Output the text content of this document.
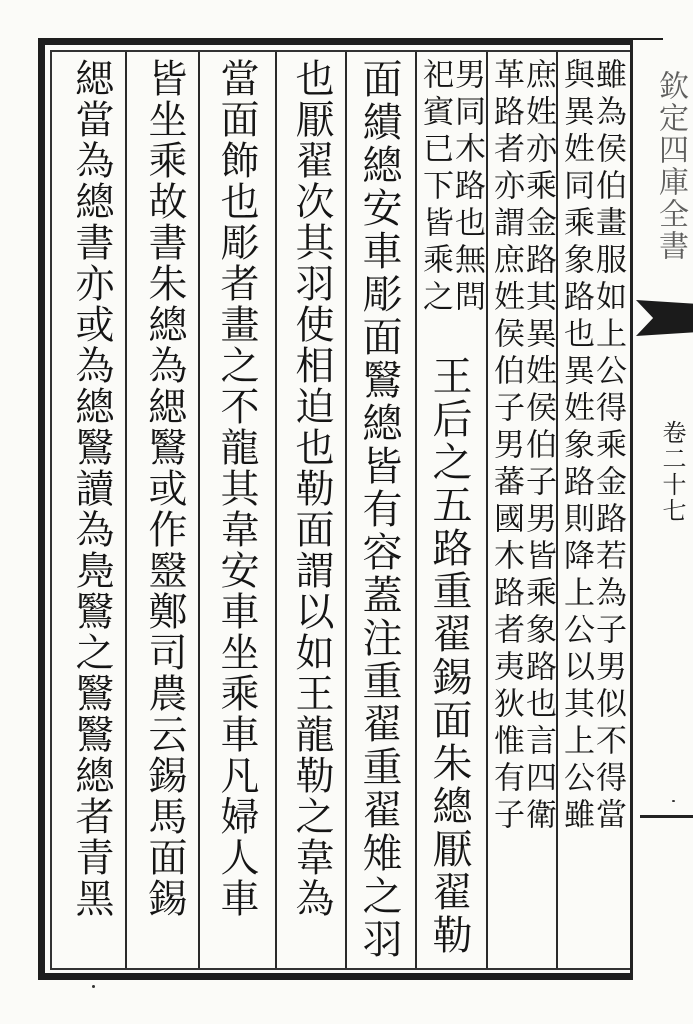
欽定四庫全書
卷二十七
雖為侯伯畫服如上公得乘金路若為子男似不得當
與異姓同乘象路也異姓象路則降上公以其上公雖
庶姓亦乘金路其異姓侯伯子男皆乘象路也言四衛
革路者亦謂庶姓侯伯子男蕃國木路者夷狄惟有子
男同木路也無問
祀賓已下皆乘之
王后之五路重翟錫面朱總厭翟勒
面繢總安車彫面鷖總皆有容蓋注重翟重翟雉之羽
也厭翟次其羽使相迫也勒面謂以如王龍勒之韋為
當面飾也彫者畫之不龍其韋安車坐乘車凡婦人車
皆坐乘故書朱總為緦鷖或作毉鄭司農云錫馬面錫
緦當為總書亦或為總鷖讀為鳧鷖之鷖鷖總者青黑
